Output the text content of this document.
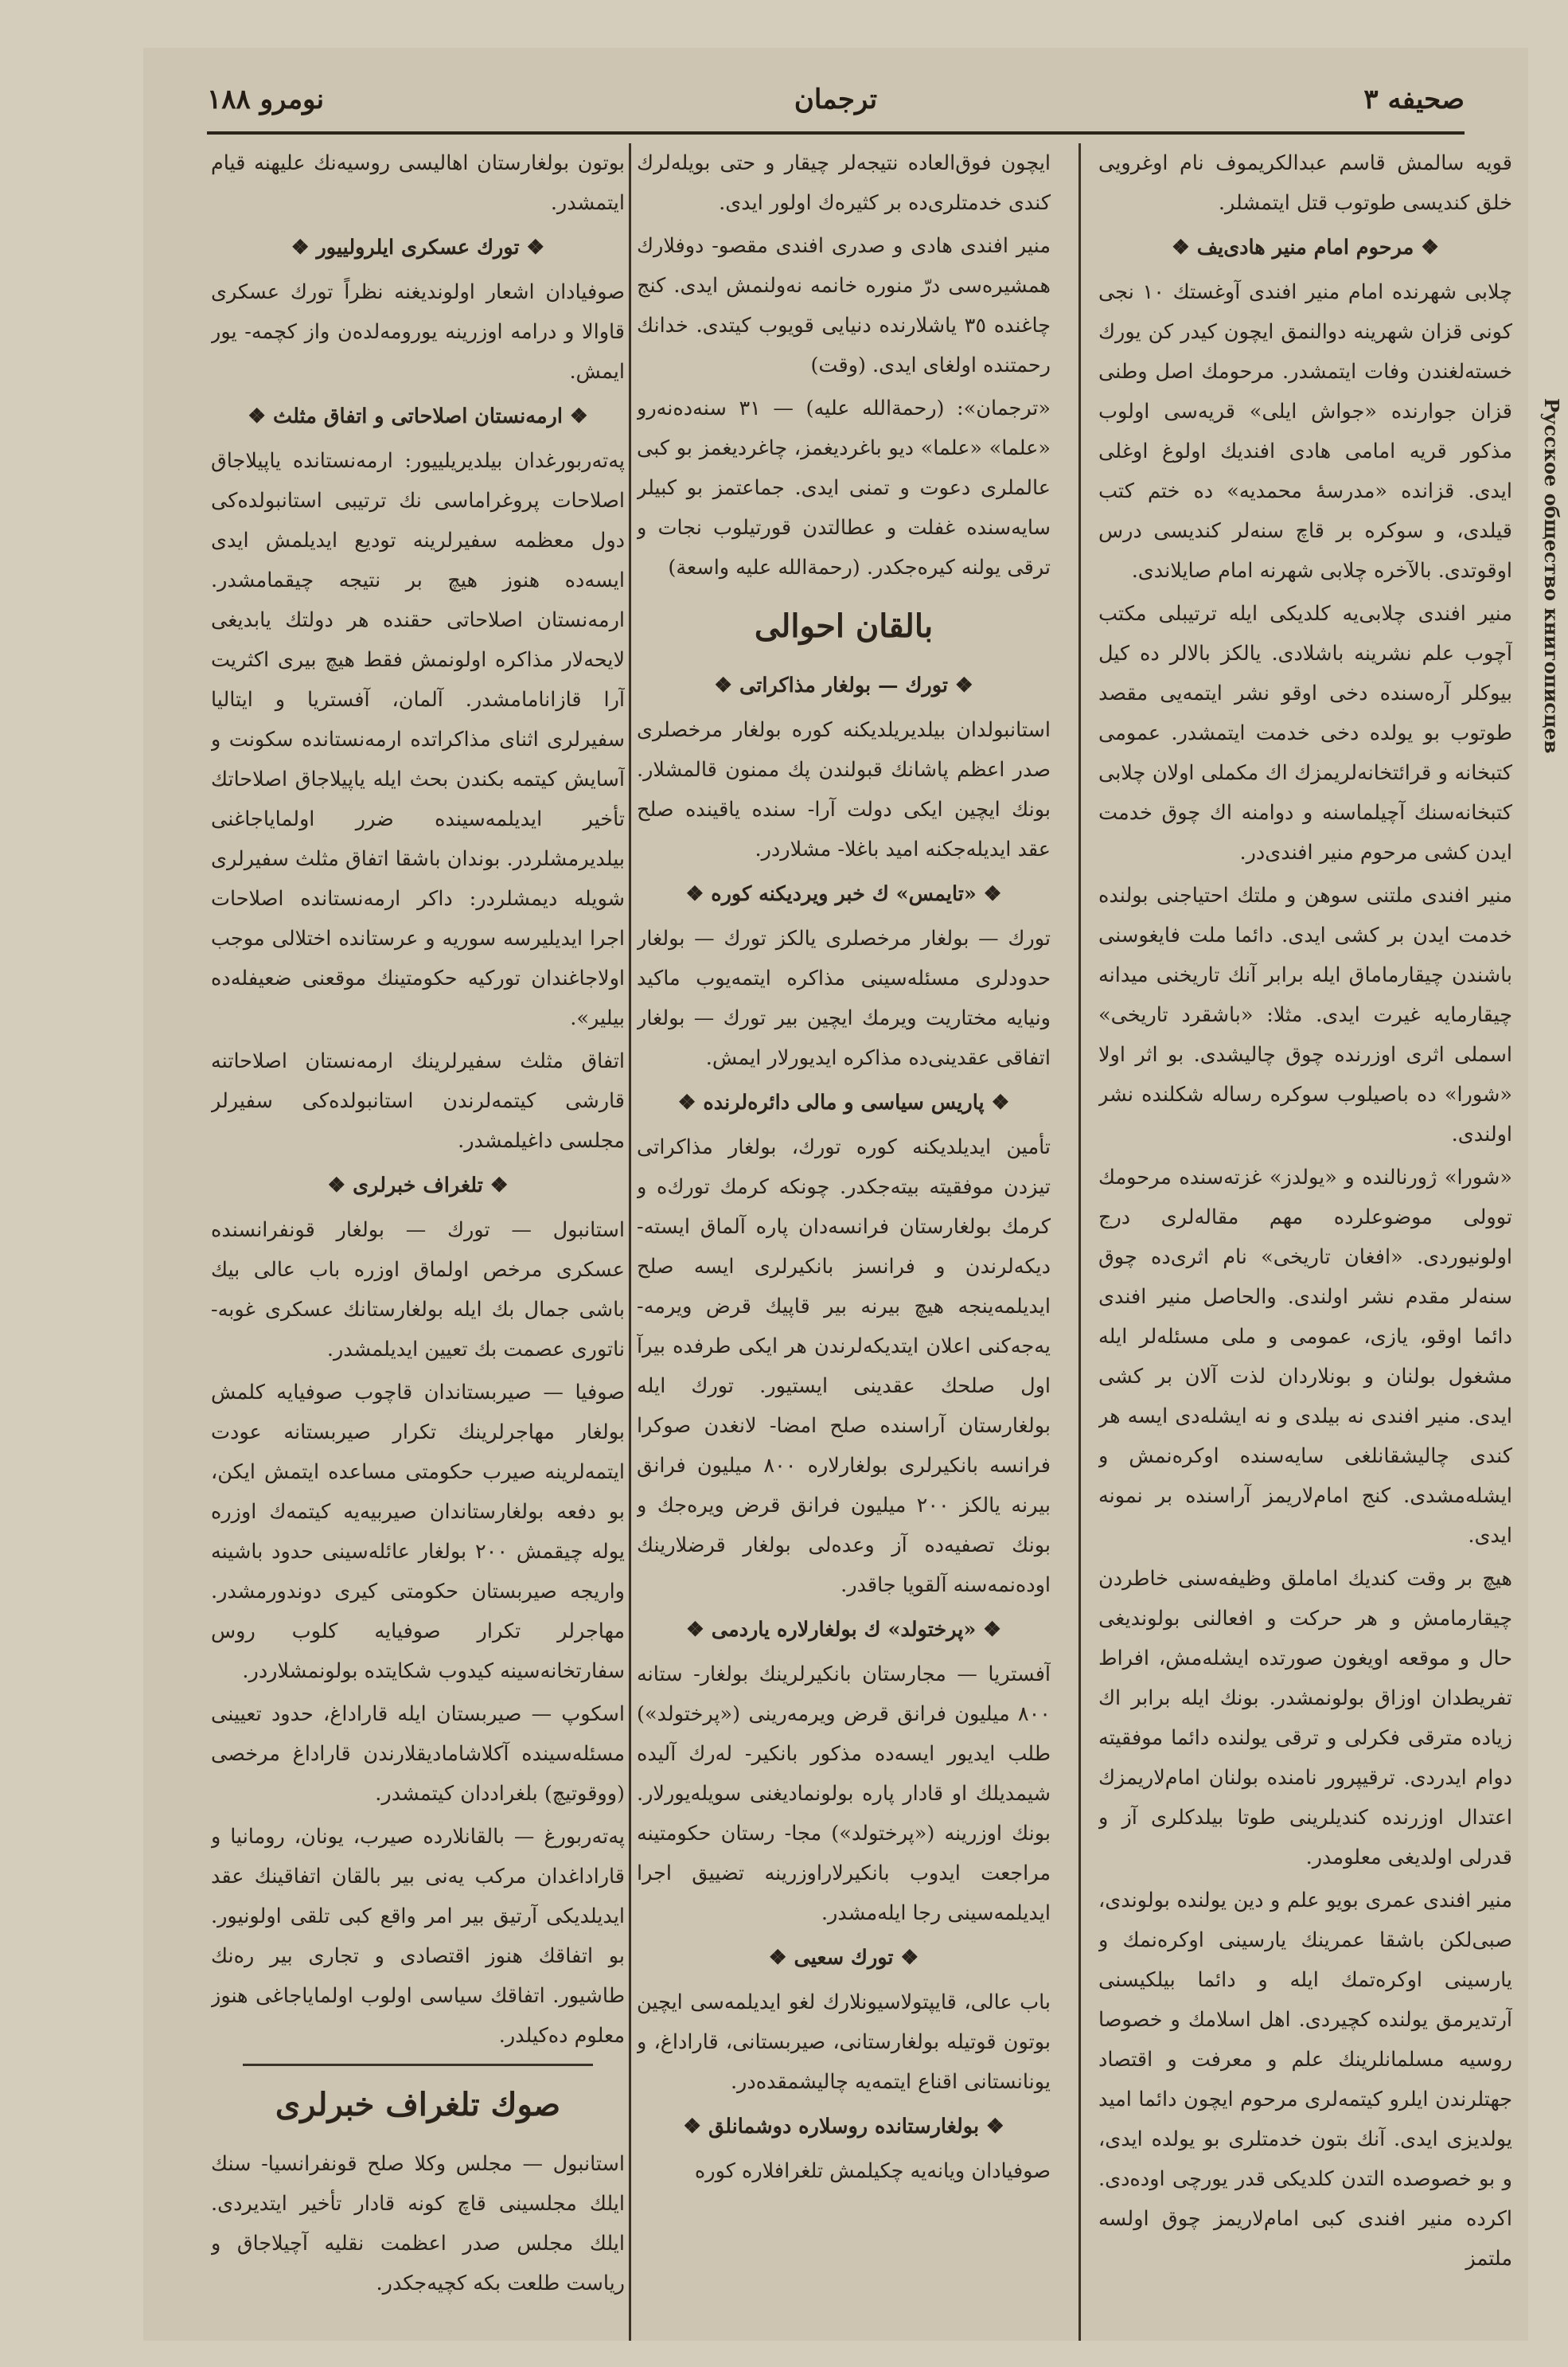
صحيفه ٣
ترجمان
نومرو ١٨٨
قويه سالمش قاسم عبدالكريموف نام اوغرويى خلق كنديسى طوتوب قتل ايتمشلر.
❖ مرحوم امام منير هادى‌يف ❖
چلابى شهرنده امام منير افندى آوغستك ١٠ نجى كونى قزان شهرينه دوالنمق ايچون كيدر كن يورك خسته‌لغندن وفات ايتمشدر. مرحومك اصل وطنى قزان جوارنده «جواش ايلى» قريه‌سى اولوب مذكور قريه امامى هادى افنديك اولوغ اوغلى ايدى. قزانده «مدرسهٔ محمديه» ده ختم كتب قيلدى، و سوكره بر قاچ سنه‌لر كنديسى درس اوقوتدى. بالآخره چلابى شهرنه امام صايلاندى.
منير افندى چلابى‌يه كلديكى ايله ترتيبلى مكتب آچوب علم نشرينه باشلادى. يالكز بالالر ده كيل بيوكلر آره‌سنده دخى اوقو نشر ايتمه‌يى مقصد طوتوب بو يولده دخى خدمت ايتمشدر. عمومى كتبخانه و قرائتخانه‌لريمزك اك مكملى اولان چلابى كتبخانه‌سنك آچيلماسنه و دوامنه اك چوق خدمت ايدن كشى مرحوم منير افندى‌در.
منير افندى ملتنى سوهن و ملتك احتياجنى بولنده خدمت ايدن بر كشى ايدى. دائما ملت فايغوسنى باشندن چيقارماماق ايله برابر آنك تاريخنى ميدانه چيقارمايه غيرت ايدى. مثلا: «باشقرد تاريخى» اسملى اثرى اوزرنده چوق چاليشدى. بو اثر اولا «شورا» ده باصيلوب سوكره رساله شكلنده نشر اولندى.
«شورا» ژورنالنده و «يولدز» غزته‌سنده مرحومك توولى موضوعلرده مهم مقالەلرى درج اولونيوردى. «افغان تاريخى» نام اثرى‌ده چوق سنه‌لر مقدم نشر اولندى. والحاصل منير افندى دائما اوقو، يازى، عمومى و ملى مسئله‌لر ايله مشغول بولنان و بونلاردان لذت آلان بر كشى ايدى. منير افندى نه بيلدى و نه ايشله‌دى ايسه هر كندى چاليشقانلغى سايه‌سنده اوكره‌نمش و ايشله‌مشدى. كنج امام‌لاريمز آراسنده بر نمونه ايدى.
هيچ بر وقت كنديك اماملق وظيفه‌سنى خاطردن چيقارمامش و هر حركت و افعالنى بولونديغى حال و موقعه اويغون صورتده ايشله‌مش، افراط تفريطدان اوزاق بولونمشدر. بونك ايله برابر اك زياده مترقى فكرلى و ترقى يولنده دائما موفقيته دوام ايدردى. ترقيپرور نامنده بولنان امام‌لاريمزك اعتدال اوزرنده كنديلرينى طوتا بيلدكلرى آز و قدرلى اولديغى معلومدر.
منير افندى عمرى بويو علم و دين يولنده بولوندى، صبى‌لكن باشقا عمرينك يارسينى اوكره‌نمك و يارسينى اوكره‌تمك ايله و دائما بيلكيسنى آرتديرمق يولنده كچيردى. اهل اسلامك و خصوصا روسيه مسلمانلرينك علم و معرفت و اقتصاد جهتلرندن ايلرو كيتمه‌لرى مرحوم ايچون دائما اميد يولديزى ايدى. آنك بتون خدمتلرى بو يولده ايدى، و بو خصوصده التدن كلديكى قدر يورچى اوده‌دى. اكرده منير افندى كبى امام‌لاريمز چوق اولسه ملتمز
ايچون فوق‌العاده نتيجه‌لر چيقار و حتى بويله‌لرك كندى خدمتلرى‌ده بر كثيرەك اولور ايدى.
منير افندى هادى و صدرى افندى مقصو- دوفلارك همشيره‌سى درّ منوره خانمه نه‌ولنمش ايدى. كنج چاغنده ٣٥ ياشلارنده دنيايى قويوب كيتدى. خدانك رحمتنده اولغاى ايدى. (وقت)
«ترجمان»: (رحمةالله عليه) — ٣١ سنه‌ده‌نه‌رو «علما» «علما» ديو باغرديغمز، چاغرديغمز بو كبى عالملرى دعوت و تمنى ايدى. جماعتمز بو كبيلر سايه‌سنده غفلت و عطالتدن قورتيلوب نجات و ترقى يولنه كيره‌جكدر. (رحمةالله عليه واسعة)
بالقان احوالى
❖ تورك — بولغار مذاكراتى ❖
استانبولدان بيلديريلديكنه كوره بولغار مرخصلرى صدر اعظم پاشانك قبولندن پك ممنون قالمشلار. بونك ايچين ايكى دولت آرا- سنده ياقينده صلح عقد ايديله‌جكنه اميد باغلا- مشلار‌در.
❖ «تايمس» ك خبر ويرديكنه كوره ❖
تورك — بولغار مرخصلرى يالكز تورك — بولغار حدودلرى مسئله‌سينى مذاكره ايتمه‌يوب ماكيد ونيايه مختاريت ويرمك ايچين بير تورك — بولغار اتفاقى عقدينى‌ده مذاكره ايديورلار ايمش.
❖ پاريس سياسى و مالى دائره‌لرنده ❖
تأمين ايديلديكنه كوره تورك، بولغار مذاكراتى تيزدن موفقيته بيته‌جكدر. چونكه كرمك تورك‌ه و كرمك بولغارستان فرانسه‌دان پاره آلماق ايسته- ديكه‌لرندن و فرانسز بانكيرلرى ايسه صلح ايديلمه‌ينجه هيچ بيرنه بير قاپيك قرض ويرمه- يه‌جه‌كنى اعلان ايتديكه‌لرندن هر ايكى طرفده بيرآ اول صلحك عقدينى ايستيور. تورك ايله بولغارستان آراسنده صلح امضا- لانغدن صوكرا فرانسه بانكيرلرى بولغارلاره ٨٠٠ ميليون فرانق بيرنه يالكز ٢٠٠ ميليون فرانق قرض ويره‌جك و بونك تصفيه‌ده آز وعده‌لى بولغار قرضلارينك اوده‌نمه‌سنه آلقويا جاقدر.
❖ «پرختولد» ك بولغارلاره ياردمى ❖
آفستريا — مجارستان بانكيرلرينك بولغار- ستانه ٨٠٠ ميليون فرانق قرض ويرمه‌رينى («پرختولد») طلب ايديور ايسه‌ده مذكور بانكير- لەرك آليده شيمديلك او قادار پاره بولونماديغنى سويله‌يورلار. بونك اوزرينه («پرختولد») مجا- رستان حكومتينه مراجعت ايدوب بانكيرلاراوزرينه تضييق اجرا ايديلمه‌سينى رجا ايله‌مشدر.
❖ تورك سعيى ❖
باب عالى، قايپتولاسيونلارك لغو ايديلمه‌سى ايچين بوتون قوتيله بولغارستانى، صيربستانى، قاراداغ، و يونانستانى اقناع ايتمه‌يه چاليشمقده‌در.
❖ بولغارستانده روسلاره دوشمانلق ❖
صوفيادان ويانه‌يه چكيلمش تلغرافلاره كوره
بوتون بولغارستان اهالیسى روسيه‌نك عليهنه قيام ايتمشدر.
❖ تورك عسكرى ايلرولييور ❖
صوفيادان اشعار اولونديغنه نظراً تورك عسكرى قاوالا و درامه اوزرينه يورومه‌لده‌ن واز كچمه- يور ايمش.
❖ ارمه‌نستان اصلاحاتى و اتفاق مثلث ❖
پەتەربورغدان بيلديريلييور: ارمه‌نستانده ياپيلاجاق اصلاحات پروغراماسى نك ترتيبى استانبولده‌كى دول معظمه سفيرلرينه توديع ايديلمش ايدى ايسه‌ده هنوز هيچ بر نتيجه چيقمامشدر. ارمه‌نستان اصلاحاتى حقنده هر دولتك يابديغى لايحه‌لار مذاكره اولونمش فقط هيچ بيرى اكثريت آرا قازانامامشدر. آلمان، آفستريا و ايتاليا سفيرلرى اثناى مذاكراتده ارمه‌نستانده سكونت و آسايش كيتمه‌ بكندن بحث ايله ياپيلاجاق اصلاحاتك تأخير ايديلمه‌سينده ضرر اولماياجاغنى بيلديرمشلردر. بوندان باشقا اتفاق مثلث سفيرلرى شويله ديمشلردر: داكر ارمه‌نستانده اصلاحات اجرا ايديليرسه سوريه و عرستانده اختلالى موجب اولاجاغندان توركيه حكومتينك موقعنى ضعيفله‌ده بيلير».
اتفاق مثلث سفيرلرينك ارمه‌نستان اصلاحاتنه قارشى كيتمه‌لرندن استانبولده‌كى سفيرلر مجلسى داغيلمشدر.
❖ تلغراف خبرلرى ❖
استانبول — تورك — بولغار قونفرانسنده عسكرى مرخص اولماق اوزره باب عالى بيك باشى جمال بك ايله بولغارستانك عسكرى غوبه- ناتورى عصمت بك تعيين ايديلمشدر.
صوفيا — صيربستاندان قاچوب صوفيايه كلمش بولغار مهاجرلرينك تكرار صيربستانه عودت ايتمه‌لرينه صيرب حكومتى مساعده ايتمش ايكن، بو دفعه بولغارستاندان صيربيه‌يه كيتمه‌ك اوزره يوله چيقمش ٢٠٠ بولغار عائله‌سينى حدود باشينه واريجه صيربستان حكومتى كيرى دوندورمشدر. مهاجرلر تكرار صوفيايه كلوب روس سفارتخانه‌سينه كيدوب شكايتده بولونمشلاردر.
اسكوپ — صيربستان ايله قاراداغ، حدود تعيينى مسئله‌سينده آكلاشاماديقلارندن قاراداغ مرخصى (ووقوتيچ) بلغراددان كيتمشدر.
پەتەربورغ — بالقانلارده صيرب، يونان، رومانيا و قاراداغدان مركب يەنى بير بالقان اتفاقينك عقد ايديلديكى آرتيق بير امر واقع كبى تلقى اولونيور. بو اتفاقك هنوز اقتصادى و تجارى بير رەنك طاشيور. اتفاقك سياسى اولوب اولماياجاغى هنوز معلوم ده‌كيلدر.
صوك تلغراف خبرلرى
استانبول — مجلس وكلا صلح قونفرانسيا- سنك ايلك مجلسينى قاچ كونه قادار تأخير ايتديردى. ايلك مجلس صدر اعظمت نقليه آچيلاجاق و رياست طلعت بكه كچيه‌جكدر.
Русское общество книгописцев
